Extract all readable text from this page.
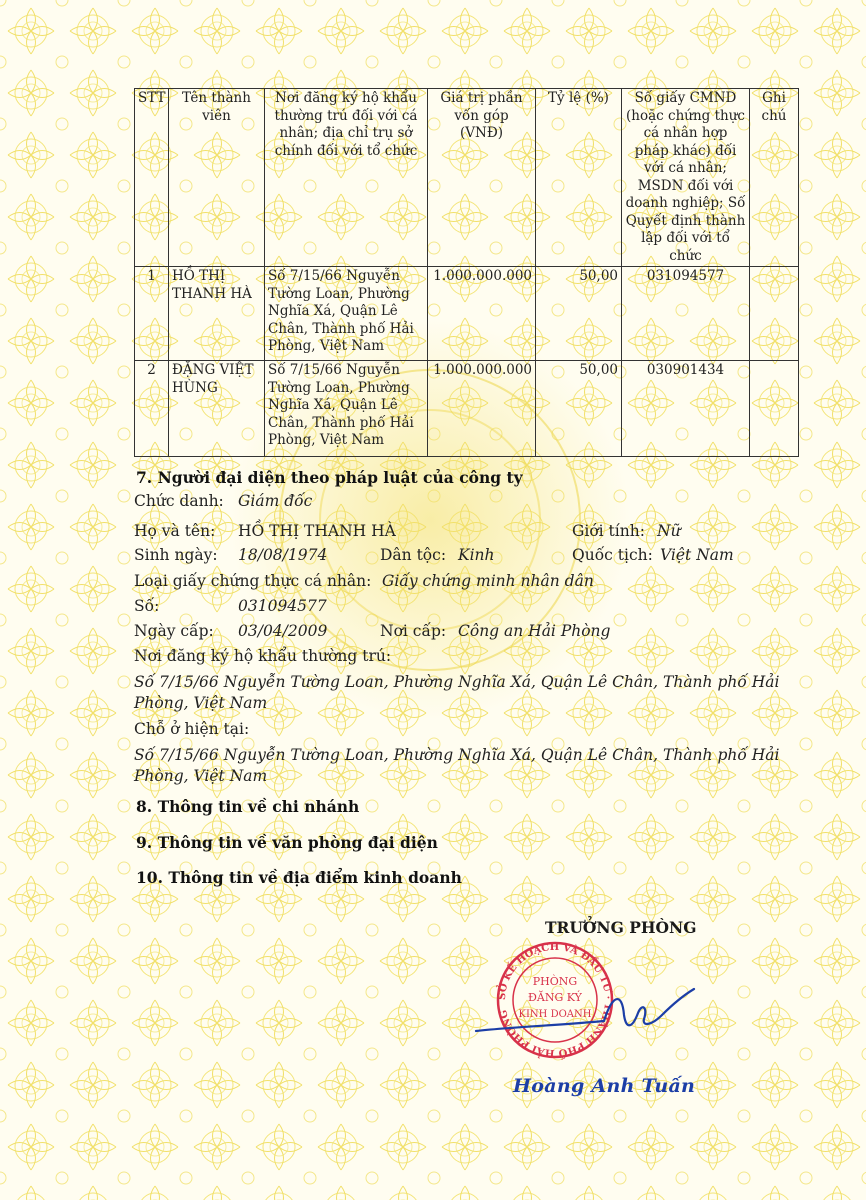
STT	Tên thành viên	Nơi đăng ký hộ khẩu thường trú đối với cá nhân; địa chỉ trụ sở chính đối với tổ chức	Giá trị phần vốn góp (VNĐ)	Tỷ lệ (%)	Số giấy CMND (hoặc chứng thực cá nhân hợp pháp khác) đối với cá nhân; MSDN đối với doanh nghiệp; Số Quyết định thành lập đối với tổ chức	Ghi chú
1	HỒ THỊ THANH HÀ	Số 7/15/66 Nguyễn Tường Loan, Phường Nghĩa Xá, Quận Lê Chân, Thành phố Hải Phòng, Việt Nam	1.000.000.000	50,00	031094577	
2	ĐẶNG VIỆT HÙNG	Số 7/15/66 Nguyễn Tường Loan, Phường Nghĩa Xá, Quận Lê Chân, Thành phố Hải Phòng, Việt Nam	1.000.000.000	50,00	030901434	
7. Người đại diện theo pháp luật của công ty
Chức danh: Giám đốc
Họ và tên: HỒ THỊ THANH HÀ	Giới tính: Nữ
Sinh ngày: 18/08/1974	Dân tộc: Kinh	Quốc tịch: Việt Nam
Loại giấy chứng thực cá nhân: Giấy chứng minh nhân dân
Số:	031094577
Ngày cấp: 03/04/2009	Nơi cấp: Công an Hải Phòng
Nơi đăng ký hộ khẩu thường trú:
Số 7/15/66 Nguyễn Tường Loan, Phường Nghĩa Xá, Quận Lê Chân, Thành phố Hải
Phòng, Việt Nam
Chỗ ở hiện tại:
Số 7/15/66 Nguyễn Tường Loan, Phường Nghĩa Xá, Quận Lê Chân, Thành phố Hải
Phòng, Việt Nam
8. Thông tin về chi nhánh
9. Thông tin về văn phòng đại diện
10. Thông tin về địa điểm kinh doanh
TRƯỞNG PHÒNG
SỞ KẾ HOẠCH VÀ ĐẦU TƯ · THÀNH PHỐ HẢI PHÒNG
PHÒNG
ĐĂNG KÝ
KINH DOANH
Hoàng Anh Tuấn
